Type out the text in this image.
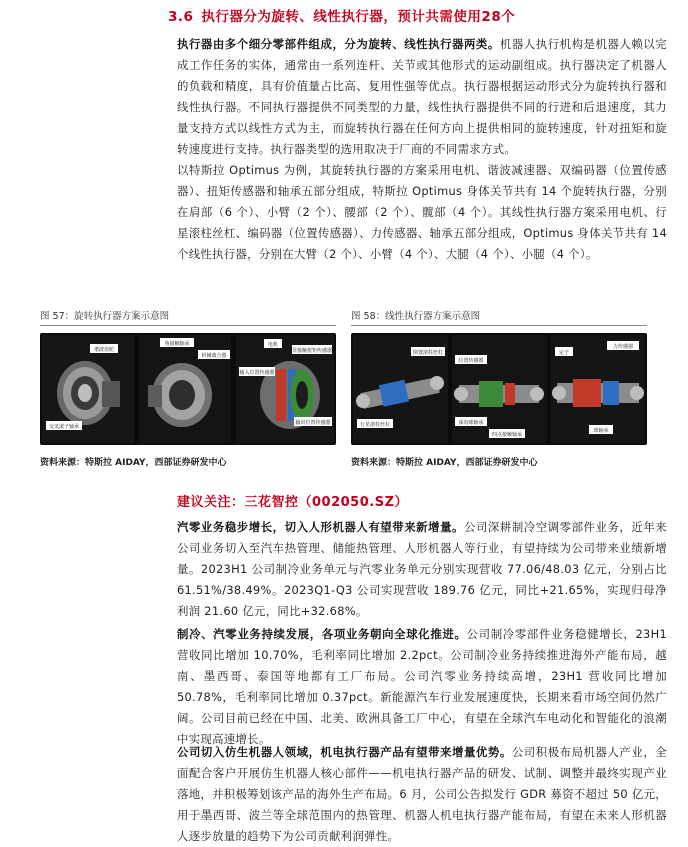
3.6 执行器分为旋转、线性执行器，预计共需使用28个

执行器由多个细分零部件组成，分为旋转、线性执行器两类。机器人执行机构是机器人赖以完成工作任务的实体，通常由一系列连杆、关节或其他形式的运动副组成。执行器决定了机器人的负载和精度，具有价值量占比高、复用性强等优点。执行器根据运动形式分为旋转执行器和线性执行器。不同执行器提供不同类型的力量，线性执行器提供不同的行进和后退速度，其力量支持方式以线性方式为主，而旋转执行器在任何方向上提供相同的旋转速度，针对扭矩和旋转速度进行支持。执行器类型的选用取决于厂商的不同需求方式。

以特斯拉 Optimus 为例，其旋转执行器的方案采用电机、谐波减速器、双编码器（位置传感器）、扭矩传感器和轴承五部分组成，特斯拉 Optimus 身体关节共有 14 个旋转执行器，分别在肩部（6 个）、小臂（2 个）、腰部（2 个）、髋部（4 个）。其线性执行器方案采用电机、行星滚柱丝杠、编码器（位置传感器）、力传感器、轴承五部分组成，Optimus 身体关节共有 14 个线性执行器，分别在大臂（2 个）、小臂（4 个）、大腿（4 个）、小腿（4 个）。

图 57：旋转执行器方案示意图
谐波齿轮
交叉滚子轴承
角接触轴承
机械离合器
输入位置传感器
电机
非接触扭矩传感器
输出位置传感器
资料来源：特斯拉 AIDAY，西部证券研发中心
图 58：线性执行器方案示意图
倒置滚柱丝杠
行星滚柱丝杠
位置传感器
深沟球轴承
四点接触轴承
定子
力传感器
球轴承
资料来源：特斯拉 AIDAY，西部证券研发中心
建议关注：三花智控（002050.SZ）

汽零业务稳步增长，切入人形机器人有望带来新增量。公司深耕制冷空调零部件业务，近年来公司业务切入至汽车热管理、储能热管理、人形机器人等行业，有望持续为公司带来业绩新增量。2023H1 公司制冷业务单元与汽零业务单元分别实现营收 77.06/48.03 亿元，分别占比 61.51%/38.49%。2023Q1-Q3 公司实现营收 189.76 亿元，同比+21.65%，实现归母净利润 21.60 亿元，同比+32.68%。

制冷、汽零业务持续发展，各项业务朝向全球化推进。公司制冷零部件业务稳健增长，23H1 营收同比增加 10.70%，毛利率同比增加 2.2pct。公司制冷业务持续推进海外产能布局，越南、墨西哥、泰国等地都有工厂布局。公司汽零业务持续高增，23H1 营收同比增加 50.78%，毛利率同比增加 0.37pct。新能源汽车行业发展速度快，长期来看市场空间仍然广阔。公司目前已经在中国、北美、欧洲具备工厂中心，有望在全球汽车电动化和智能化的浪潮中实现高速增长。

公司切入仿生机器人领域，机电执行器产品有望带来增量优势。公司积极布局机器人产业，全面配合客户开展仿生机器人核心部件——机电执行器产品的研发、试制、调整并最终实现产业落地，并积极筹划该产品的海外生产布局。6 月，公司公告拟发行 GDR 募资不超过 50 亿元，用于墨西哥、波兰等全球范围内的热管理、机器人机电执行器产能布局，有望在未来人形机器人逐步放量的趋势下为公司贡献利润弹性。
